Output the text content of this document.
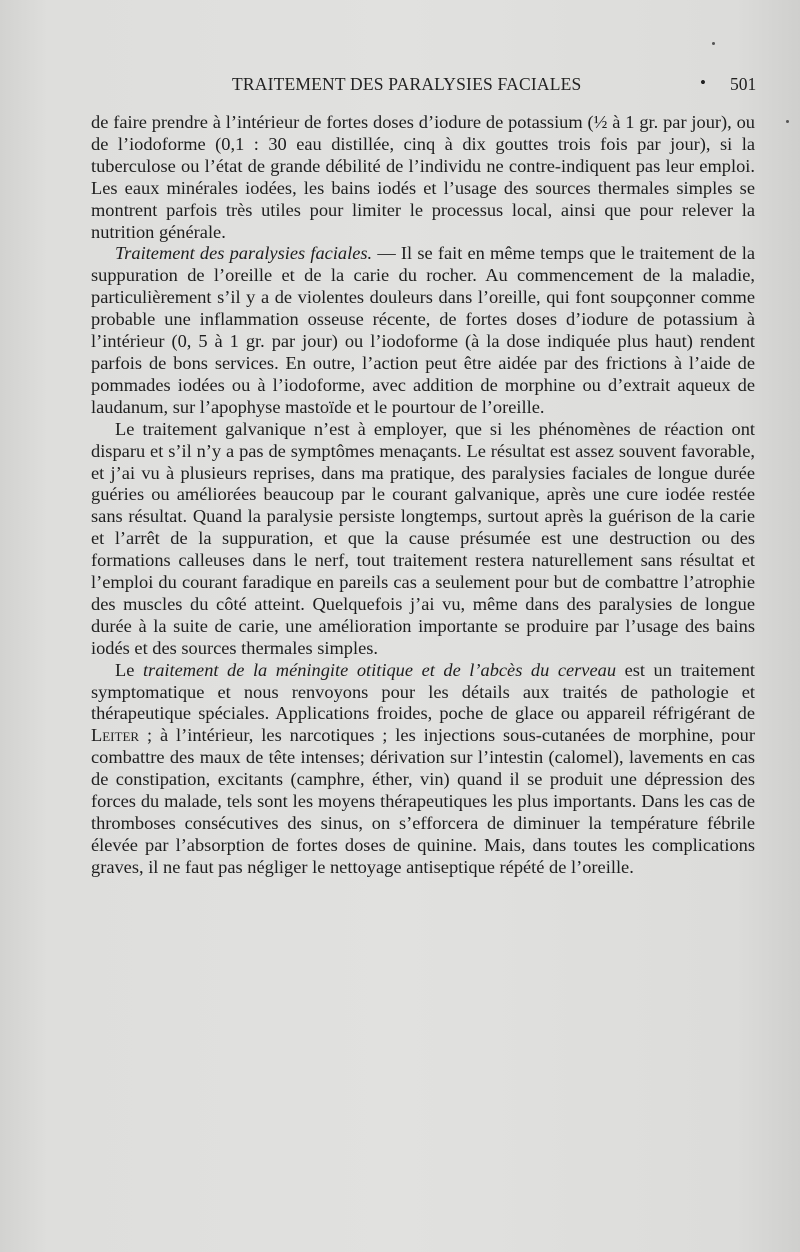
TRAITEMENT DES PARALYSIES FACIALES	• 501

de faire prendre à l’intérieur de fortes doses d’iodure de potassium (½ à 1 gr. par jour), ou de l’iodoforme (0,1 : 30 eau distillée, cinq à dix gouttes trois fois par jour), si la tuberculose ou l’état de grande débilité de l’individu ne contre-indiquent pas leur emploi. Les eaux minérales iodées, les bains iodés et l’usage des sources thermales simples se montrent parfois très utiles pour limiter le processus local, ainsi que pour relever la nutrition générale.

Traitement des paralysies faciales. — Il se fait en même temps que le traitement de la suppuration de l’oreille et de la carie du rocher. Au commencement de la maladie, particulièrement s’il y a de violentes douleurs dans l’oreille, qui font soupçonner comme probable une inflammation osseuse récente, de fortes doses d’iodure de potassium à l’intérieur (0, 5 à 1 gr. par jour) ou l’iodoforme (à la dose indiquée plus haut) rendent parfois de bons services. En outre, l’action peut être aidée par des frictions à l’aide de pommades iodées ou à l’iodoforme, avec addition de morphine ou d’extrait aqueux de laudanum, sur l’apophyse mastoïde et le pourtour de l’oreille.

Le traitement galvanique n’est à employer, que si les phénomènes de réaction ont disparu et s’il n’y a pas de symptômes menaçants. Le résultat est assez souvent favorable, et j’ai vu à plusieurs reprises, dans ma pratique, des paralysies faciales de longue durée guéries ou améliorées beaucoup par le courant galvanique, après une cure iodée restée sans résultat. Quand la paralysie persiste longtemps, surtout après la guérison de la carie et l’arrêt de la suppuration, et que la cause présumée est une destruction ou des formations calleuses dans le nerf, tout traitement restera naturellement sans résultat et l’emploi du courant faradique en pareils cas a seulement pour but de combattre l’atrophie des muscles du côté atteint. Quelquefois j’ai vu, même dans des paralysies de longue durée à la suite de carie, une amélioration importante se produire par l’usage des bains iodés et des sources thermales simples.

Le traitement de la méningite otitique et de l’abcès du cerveau est un traitement symptomatique et nous renvoyons pour les détails aux traités de pathologie et thérapeutique spéciales. Applications froides, poche de glace ou appareil réfrigérant de Leiter ; à l’intérieur, les narcotiques ; les injections sous-cutanées de morphine, pour combattre des maux de tête intenses; dérivation sur l’intestin (calomel), lavements en cas de constipation, excitants (camphre, éther, vin) quand il se produit une dépression des forces du malade, tels sont les moyens thérapeutiques les plus importants. Dans les cas de thromboses consécutives des sinus, on s’efforcera de diminuer la température fébrile élevée par l’absorption de fortes doses de quinine. Mais, dans toutes les complications graves, il ne faut pas négliger le nettoyage antiseptique répété de l’oreille.
